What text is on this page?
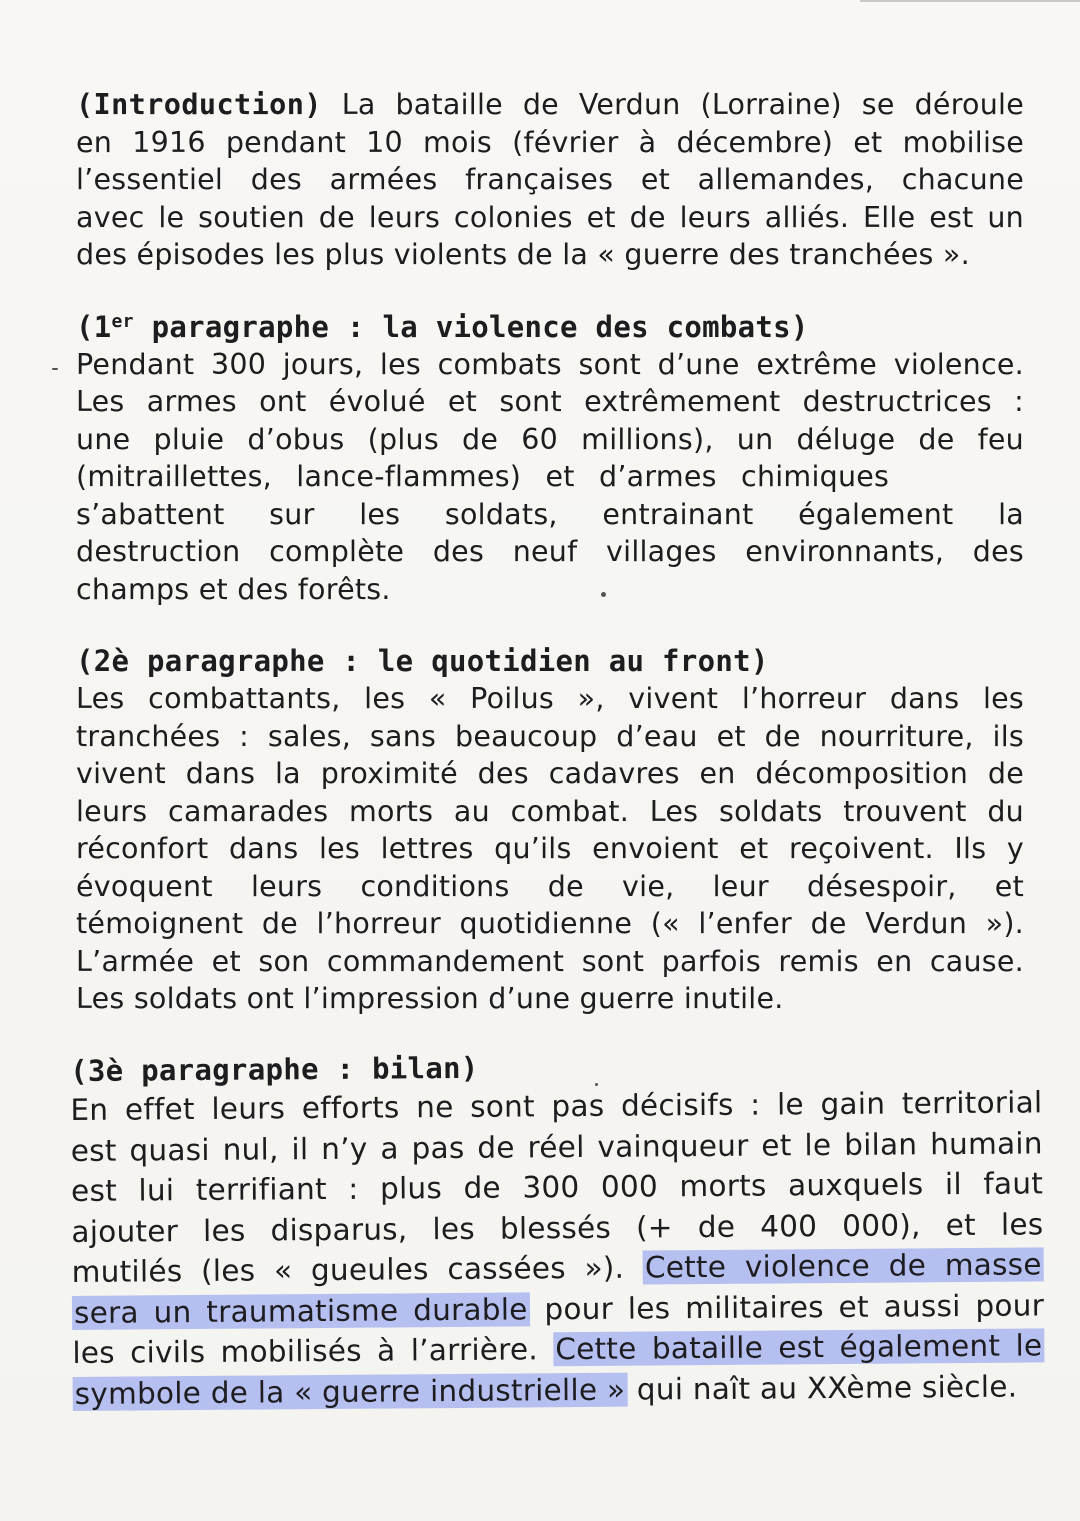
(Introduction) La bataille de Verdun (Lorraine) se déroule
en 1916 pendant 10 mois (février à décembre) et mobilise
l’essentiel des armées françaises et allemandes, chacune
avec le soutien de leurs colonies et de leurs alliés. Elle est un
des épisodes les plus violents de la « guerre des tranchées ».
(1er paragraphe : la violence des combats)
Pendant 300 jours, les combats sont d’une extrême violence.
Les armes ont évolué et sont extrêmement destructrices :
une pluie d’obus (plus de 60 millions), un déluge de feu
(mitraillettes, lance-flammes) et d’armes chimiques
s’abattent sur les soldats, entrainant également la
destruction complète des neuf villages environnants, des
champs et des forêts.
(2è paragraphe : le quotidien au front)
Les combattants, les « Poilus », vivent l’horreur dans les
tranchées : sales, sans beaucoup d’eau et de nourriture, ils
vivent dans la proximité des cadavres en décomposition de
leurs camarades morts au combat. Les soldats trouvent du
réconfort dans les lettres qu’ils envoient et reçoivent. Ils y
évoquent leurs conditions de vie, leur désespoir, et
témoignent de l’horreur quotidienne (« l’enfer de Verdun »).
L’armée et son commandement sont parfois remis en cause.
Les soldats ont l’impression d’une guerre inutile.
(3è paragraphe : bilan)
En effet leurs efforts ne sont pas décisifs : le gain territorial
est quasi nul, il n’y a pas de réel vainqueur et le bilan humain
est lui terrifiant : plus de 300 000 morts auxquels il faut
ajouter les disparus, les blessés (+ de 400 000), et les
mutilés (les « gueules cassées »). Cette violence de masse
sera un traumatisme durable pour les militaires et aussi pour
les civils mobilisés à l’arrière. Cette bataille est également le
symbole de la « guerre industrielle » qui naît au XXème siècle.
